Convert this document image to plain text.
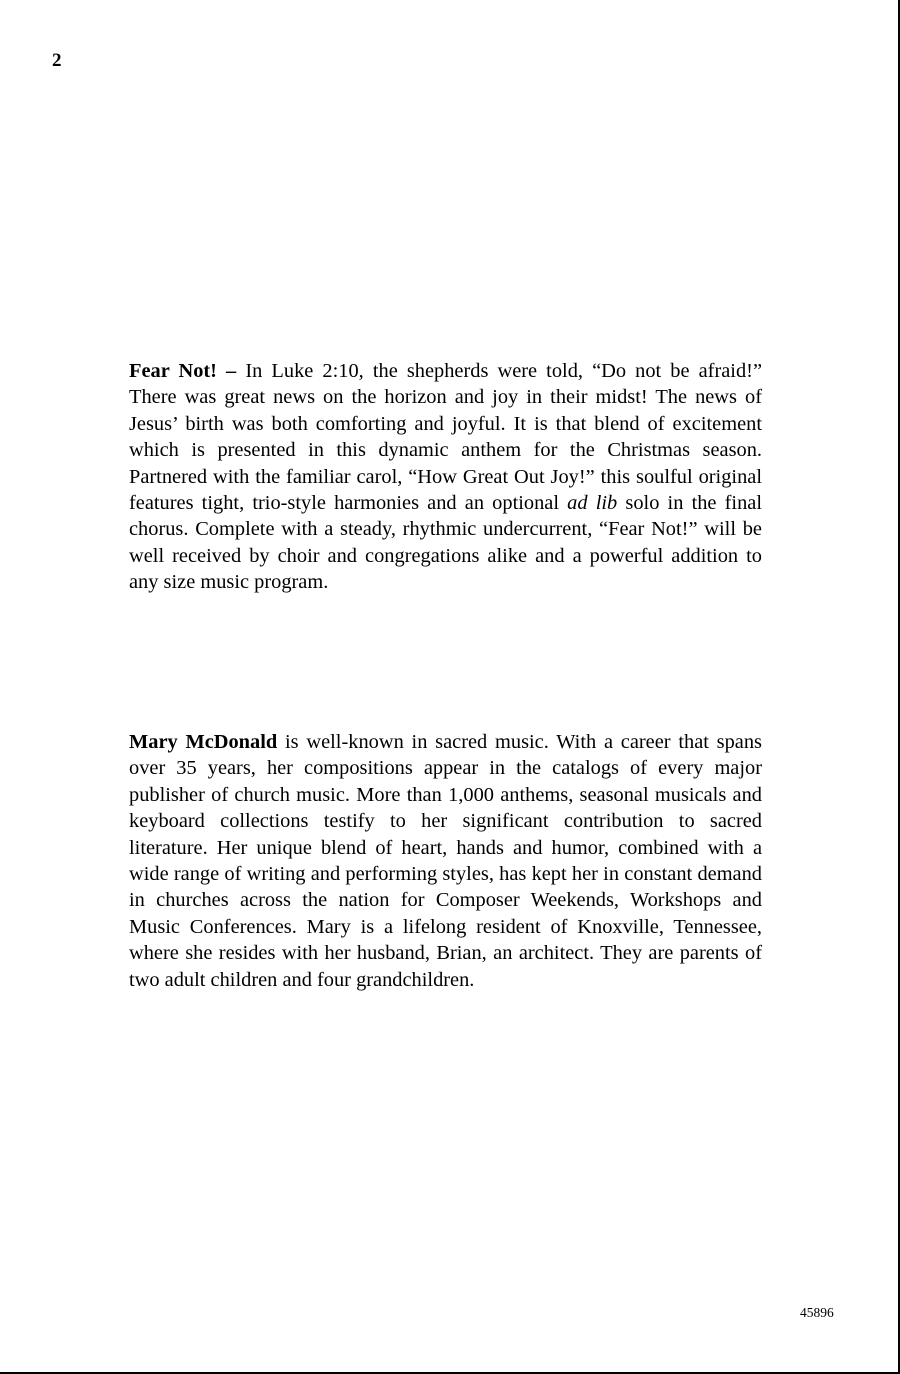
2

Fear Not! – In Luke 2:10, the shepherds were told, “Do not be afraid!” There was great news on the horizon and joy in their midst! The news of Jesus’ birth was both comforting and joyful. It is that blend of excitement which is presented in this dynamic anthem for the Christmas season. Partnered with the familiar carol, “How Great Out Joy!” this soulful original features tight, trio-style harmonies and an optional ad lib solo in the final chorus. Complete with a steady, rhythmic undercurrent, “Fear Not!” will be well received by choir and congregations alike and a powerful addition to any size music program.

Mary McDonald is well-known in sacred music. With a career that spans over 35 years, her compositions appear in the catalogs of every major publisher of church music. More than 1,000 anthems, seasonal musicals and keyboard collections testify to her significant contribution to sacred literature. Her unique blend of heart, hands and humor, combined with a wide range of writing and performing styles, has kept her in constant demand in churches across the nation for Composer Weekends, Workshops and Music Conferences. Mary is a lifelong resident of Knoxville, Tennessee, where she resides with her husband, Brian, an architect. They are parents of two adult children and four grandchildren.

45896
